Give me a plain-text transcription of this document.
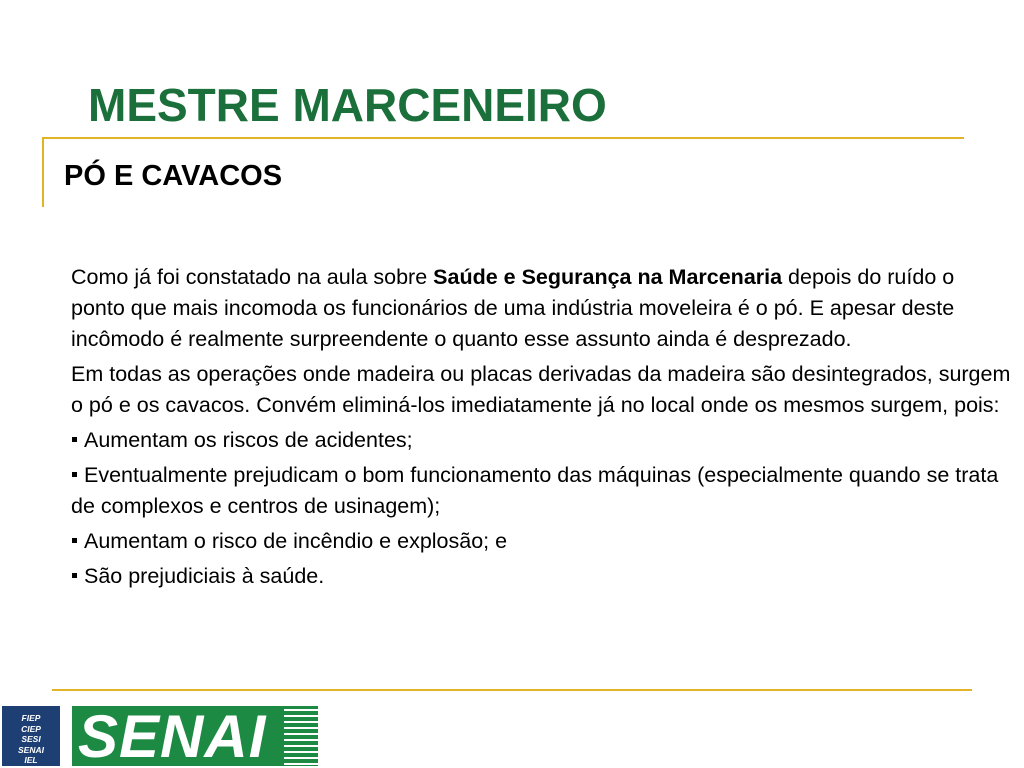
MESTRE MARCENEIRO
PÓ E CAVACOS

Como já foi constatado na aula sobre Saúde e Segurança na Marcenaria depois do ruído o ponto que mais incomoda os funcionários de uma indústria moveleira é o pó. E apesar deste incômodo é realmente surpreendente o quanto esse assunto ainda é desprezado.

Em todas as operações onde madeira ou placas derivadas da madeira são desintegrados, surgem o pó e os cavacos. Convém eliminá-los imediatamente já no local onde os mesmos surgem, pois:

Aumentam os riscos de acidentes;

Eventualmente prejudicam o bom funcionamento das máquinas (especialmente quando se trata de complexos e centros de usinagem);

Aumentam o risco de incêndio e explosão; e

São prejudiciais à saúde.

FIEP
CIEP
SESI
SENAI
IEL SENAI
